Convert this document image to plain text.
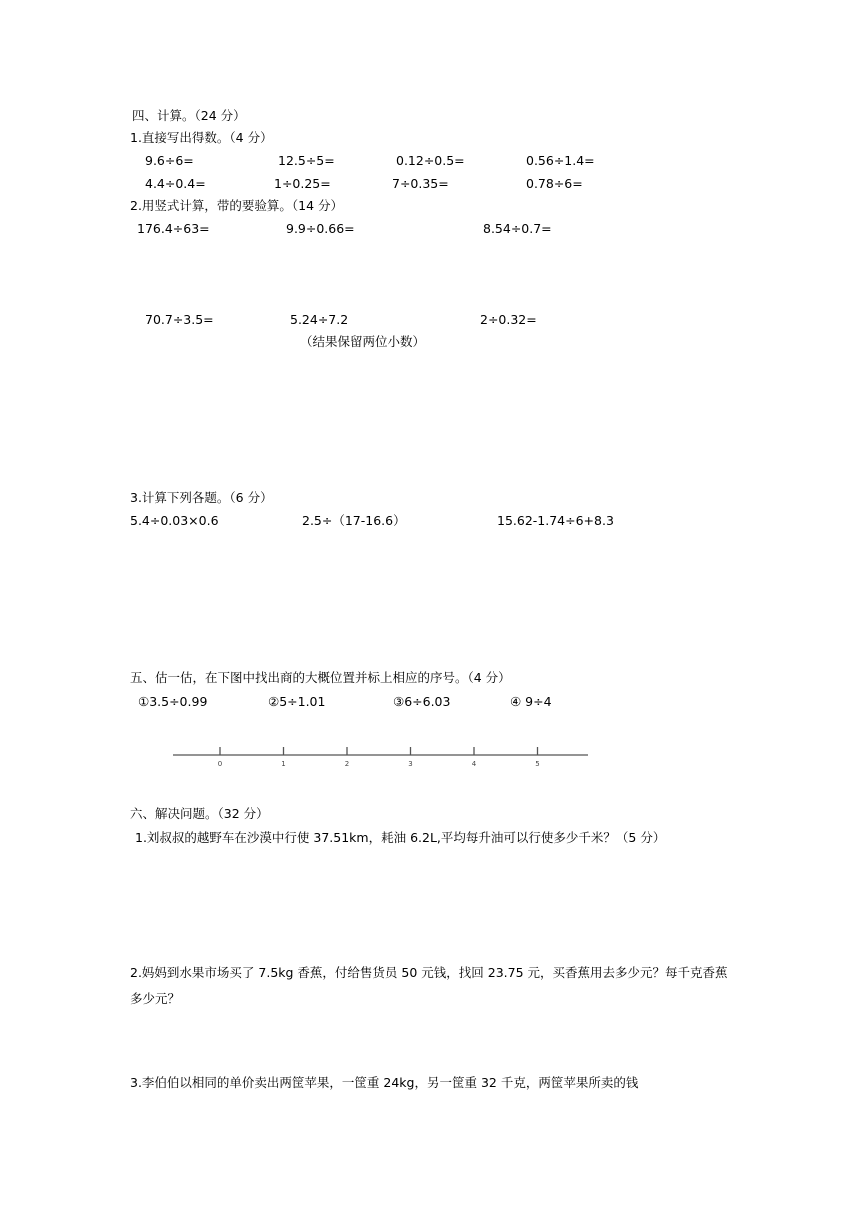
四、计算。（24 分）
1.直接写出得数。（4 分）
9.6÷6=	12.5÷5=	0.12÷0.5=	0.56÷1.4=
4.4÷0.4=	1÷0.25=	7÷0.35=	0.78÷6=
2.用竖式计算，带的要验算。（14 分）
176.4÷63=	9.9÷0.66=	8.54÷0.7=
70.7÷3.5=	5.24÷7.2	2÷0.32=
（结果保留两位小数）
3.计算下列各题。（6 分）
5.4÷0.03×0.6	2.5÷（17-16.6）	15.62-1.74÷6+8.3
五、估一估，在下图中找出商的大概位置并标上相应的序号。（4 分）
①3.5÷0.99	②5÷1.01	③6÷6.03	④ 9÷4
0	1	2	3	4	5
六、解决问题。（32 分）
1.刘叔叔的越野车在沙漠中行使 37.51km，耗油 6.2L,平均每升油可以行使多少千米？（5 分）
2.妈妈到水果市场买了 7.5kg 香蕉，付给售货员 50 元钱，找回 23.75 元，买香蕉用去多少元？每千克香蕉多少元？
3.李伯伯以相同的单价卖出两筐苹果，一筐重 24kg，另一筐重 32 千克，两筐苹果所卖的钱
